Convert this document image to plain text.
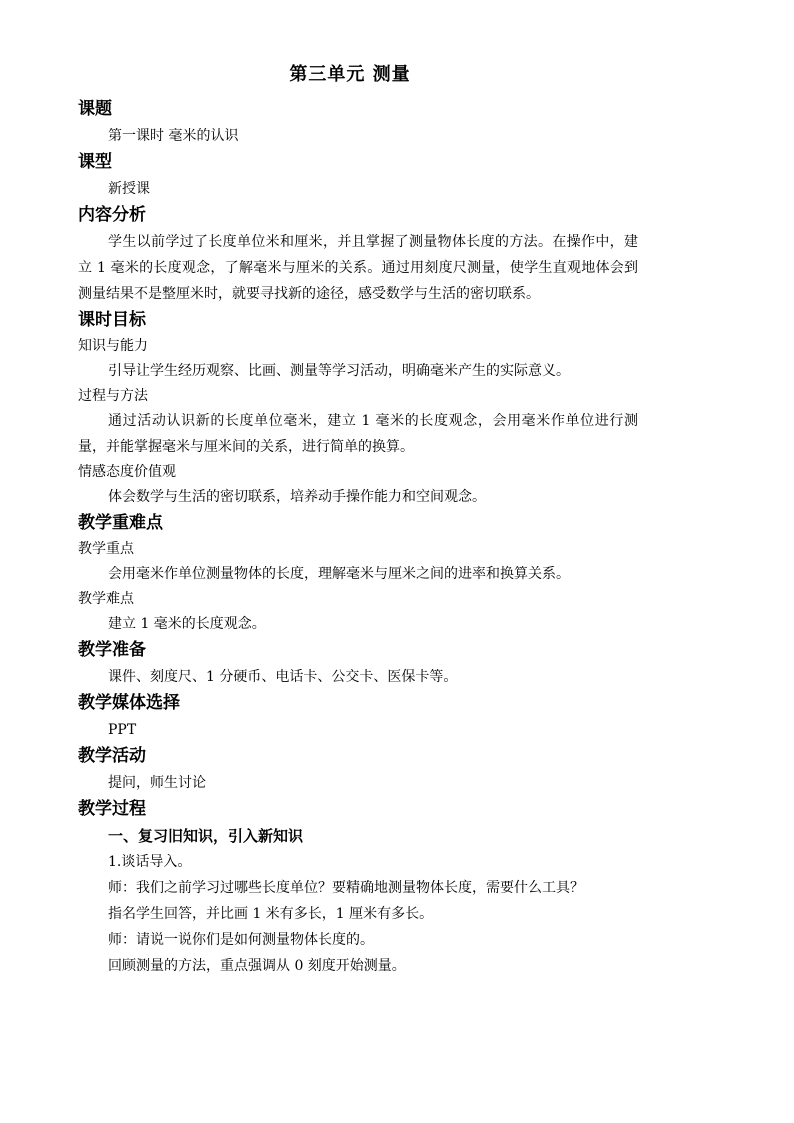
第三单元 测量
课题
第一课时 毫米的认识
课型
新授课
内容分析
学生以前学过了长度单位米和厘米，并且掌握了测量物体长度的方法。在操作中，建立 1 毫米的长度观念，了解毫米与厘米的关系。通过用刻度尺测量，使学生直观地体会到测量结果不是整厘米时，就要寻找新的途径，感受数学与生活的密切联系。
课时目标
知识与能力
引导让学生经历观察、比画、测量等学习活动，明确毫米产生的实际意义。
过程与方法
通过活动认识新的长度单位毫米，建立 1 毫米的长度观念，会用毫米作单位进行测量，并能掌握毫米与厘米间的关系，进行简单的换算。
情感态度价值观
体会数学与生活的密切联系，培养动手操作能力和空间观念。
教学重难点
教学重点
会用毫米作单位测量物体的长度，理解毫米与厘米之间的进率和换算关系。
教学难点
建立 1 毫米的长度观念。
教学准备
课件、刻度尺、1 分硬币、电话卡、公交卡、医保卡等。
教学媒体选择
PPT
教学活动
提问，师生讨论
教学过程
一、复习旧知识，引入新知识
1.谈话导入。
师：我们之前学习过哪些长度单位？要精确地测量物体长度，需要什么工具？
指名学生回答，并比画 1 米有多长，1 厘米有多长。
师：请说一说你们是如何测量物体长度的。
回顾测量的方法，重点强调从 0 刻度开始测量。
